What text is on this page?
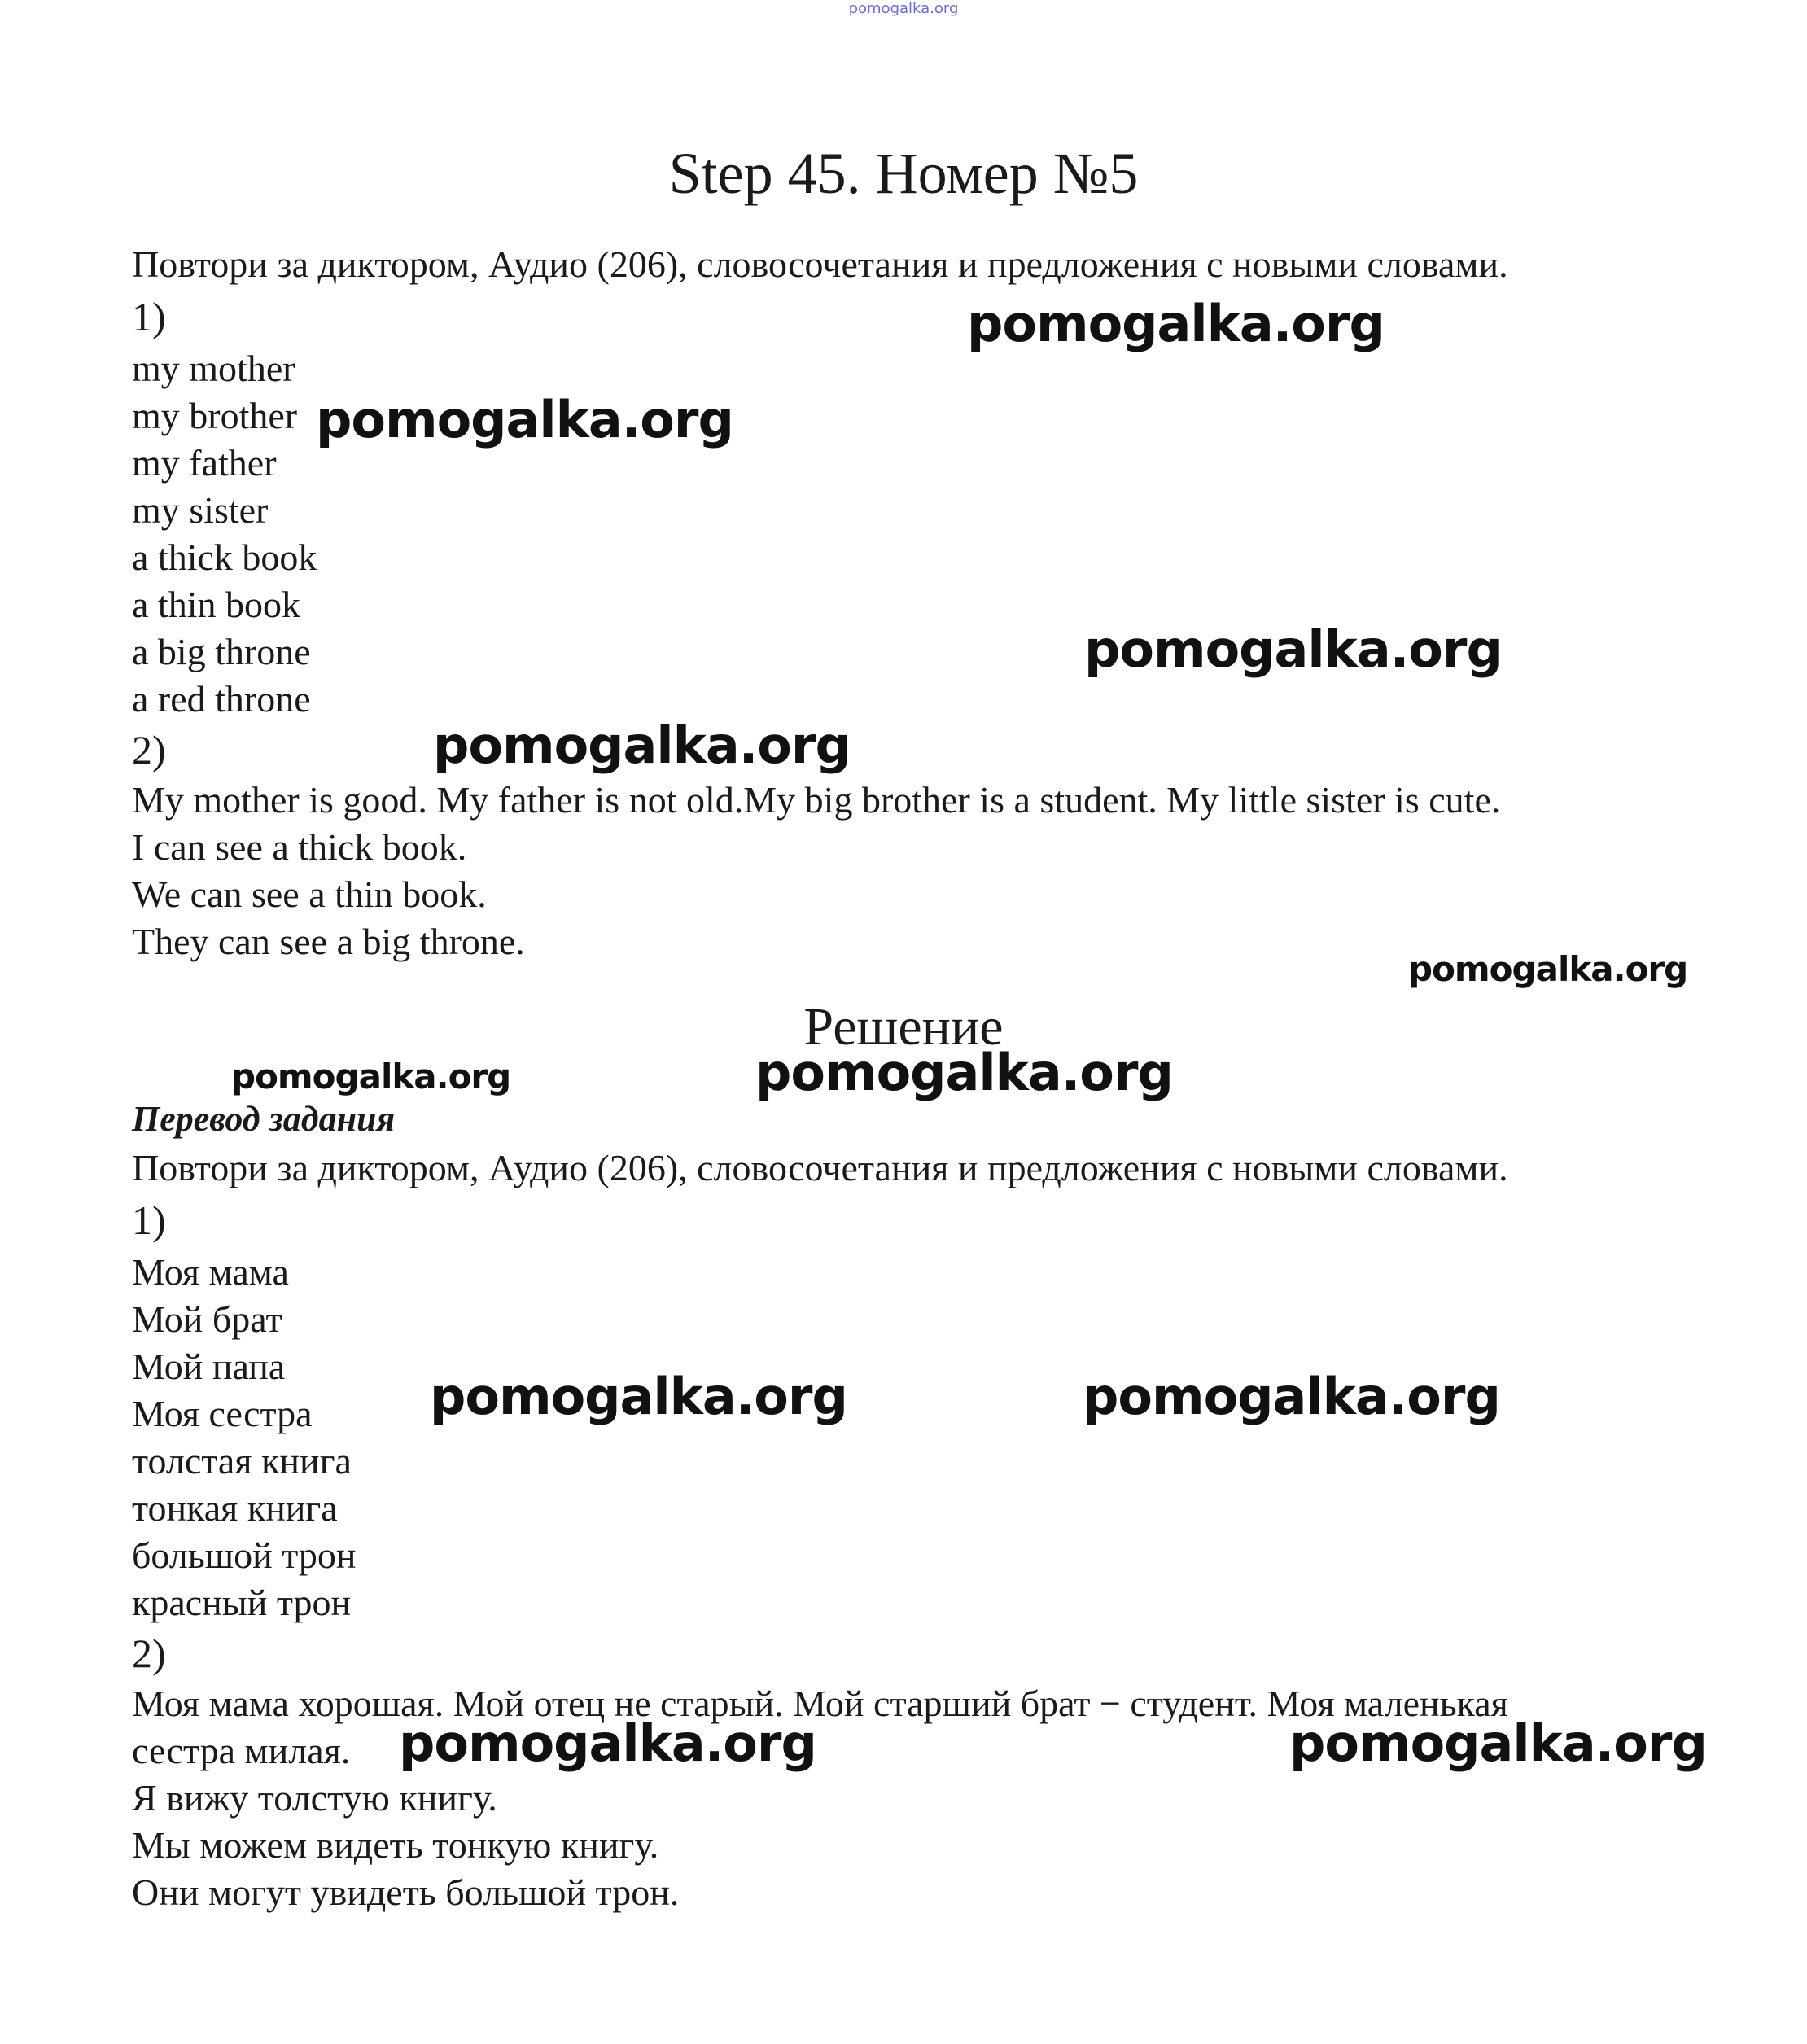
pomogalka.org
Step 45. Номер №5
Повтори за диктором, Аудио (206), словосочетания и предложения с новыми словами.
1)
my mother
my brother
my father
my sister
a thick book
a thin book
a big throne
a red throne
2)
My mother is good. My father is not old.My big brother is a student. My little sister is cute.
I can see a thick book.
We can see a thin book.
They can see a big throne.
Решение
Перевод задания
Повтори за диктором, Аудио (206), словосочетания и предложения с новыми словами.
1)
Моя мама
Мой брат
Мой папа
Моя сестра
толстая книга
тонкая книга
большой трон
красный трон
2)
Моя мама хорошая. Мой отец не старый. Мой старший брат − студент. Моя маленькая
сестра милая.
Я вижу толстую книгу.
Мы можем видеть тонкую книгу.
Они могут увидеть большой трон.
pomogalka.org
pomogalka.org
pomogalka.org
pomogalka.org
pomogalka.org
pomogalka.org	pomogalka.org
pomogalka.org	pomogalka.org
pomogalka.org	pomogalka.org
